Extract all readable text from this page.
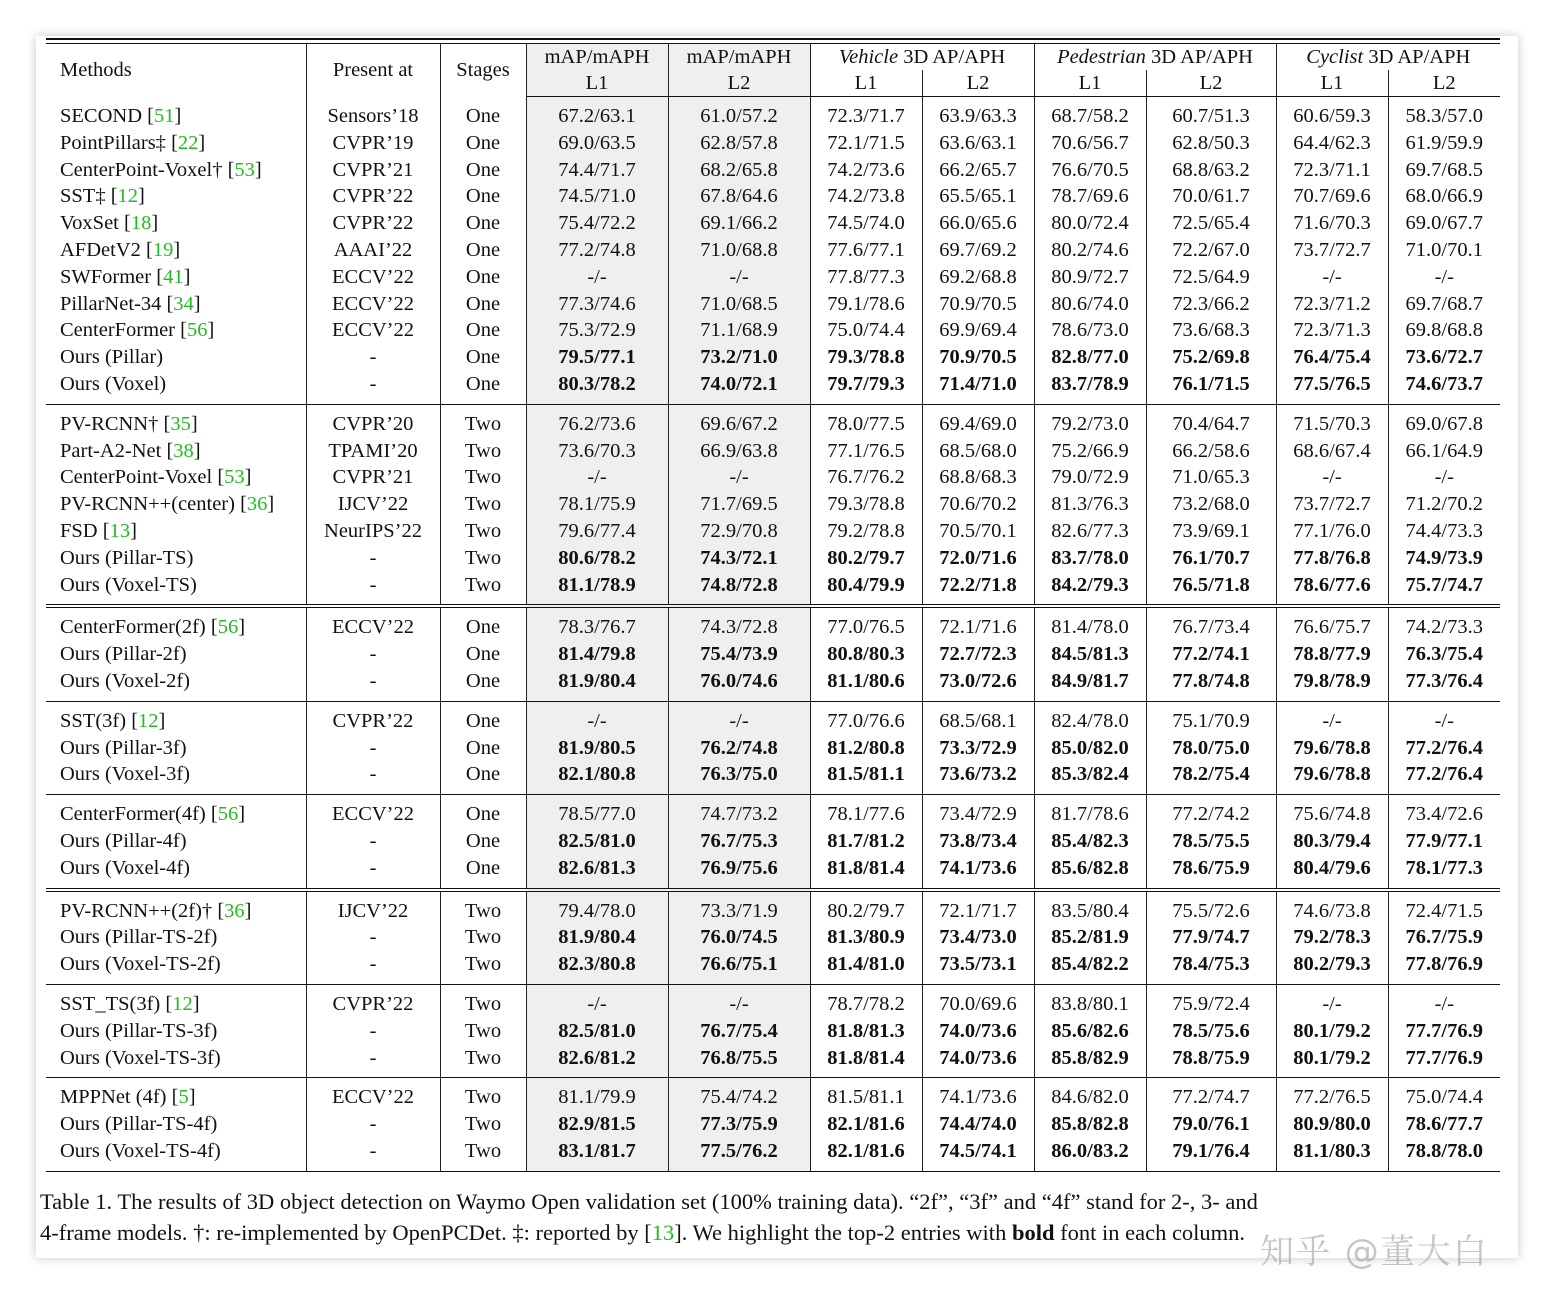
Methods	Present at	Stages	mAP/mAPH	mAP/mAPH	Vehicle 3D AP/APH		Pedestrian 3D AP/APH		Cyclist 3D AP/APH	
			L1	L2	L1	L2	L1	L2	L1	L2
SECOND [51]	Sensors’18	One	67.2/63.1	61.0/57.2	72.3/71.7	63.9/63.3	68.7/58.2	60.7/51.3	60.6/59.3	58.3/57.0
PointPillars‡ [22]	CVPR’19	One	69.0/63.5	62.8/57.8	72.1/71.5	63.6/63.1	70.6/56.7	62.8/50.3	64.4/62.3	61.9/59.9
CenterPoint-Voxel† [53]	CVPR’21	One	74.4/71.7	68.2/65.8	74.2/73.6	66.2/65.7	76.6/70.5	68.8/63.2	72.3/71.1	69.7/68.5
SST‡ [12]	CVPR’22	One	74.5/71.0	67.8/64.6	74.2/73.8	65.5/65.1	78.7/69.6	70.0/61.7	70.7/69.6	68.0/66.9
VoxSet [18]	CVPR’22	One	75.4/72.2	69.1/66.2	74.5/74.0	66.0/65.6	80.0/72.4	72.5/65.4	71.6/70.3	69.0/67.7
AFDetV2 [19]	AAAI’22	One	77.2/74.8	71.0/68.8	77.6/77.1	69.7/69.2	80.2/74.6	72.2/67.0	73.7/72.7	71.0/70.1
SWFormer [41]	ECCV’22	One	-/-	-/-	77.8/77.3	69.2/68.8	80.9/72.7	72.5/64.9	-/-	-/-
PillarNet-34 [34]	ECCV’22	One	77.3/74.6	71.0/68.5	79.1/78.6	70.9/70.5	80.6/74.0	72.3/66.2	72.3/71.2	69.7/68.7
CenterFormer [56]	ECCV’22	One	75.3/72.9	71.1/68.9	75.0/74.4	69.9/69.4	78.6/73.0	73.6/68.3	72.3/71.3	69.8/68.8
Ours (Pillar)	-	One	79.5/77.1	73.2/71.0	79.3/78.8	70.9/70.5	82.8/77.0	75.2/69.8	76.4/75.4	73.6/72.7
Ours (Voxel)	-	One	80.3/78.2	74.0/72.1	79.7/79.3	71.4/71.0	83.7/78.9	76.1/71.5	77.5/76.5	74.6/73.7
PV-RCNN† [35]	CVPR’20	Two	76.2/73.6	69.6/67.2	78.0/77.5	69.4/69.0	79.2/73.0	70.4/64.7	71.5/70.3	69.0/67.8
Part-A2-Net [38]	TPAMI’20	Two	73.6/70.3	66.9/63.8	77.1/76.5	68.5/68.0	75.2/66.9	66.2/58.6	68.6/67.4	66.1/64.9
CenterPoint-Voxel [53]	CVPR’21	Two	-/-	-/-	76.7/76.2	68.8/68.3	79.0/72.9	71.0/65.3	-/-	-/-
PV-RCNN++(center) [36]	IJCV’22	Two	78.1/75.9	71.7/69.5	79.3/78.8	70.6/70.2	81.3/76.3	73.2/68.0	73.7/72.7	71.2/70.2
FSD [13]	NeurIPS’22	Two	79.6/77.4	72.9/70.8	79.2/78.8	70.5/70.1	82.6/77.3	73.9/69.1	77.1/76.0	74.4/73.3
Ours (Pillar-TS)	-	Two	80.6/78.2	74.3/72.1	80.2/79.7	72.0/71.6	83.7/78.0	76.1/70.7	77.8/76.8	74.9/73.9
Ours (Voxel-TS)	-	Two	81.1/78.9	74.8/72.8	80.4/79.9	72.2/71.8	84.2/79.3	76.5/71.8	78.6/77.6	75.7/74.7
CenterFormer(2f) [56]	ECCV’22	One	78.3/76.7	74.3/72.8	77.0/76.5	72.1/71.6	81.4/78.0	76.7/73.4	76.6/75.7	74.2/73.3
Ours (Pillar-2f)	-	One	81.4/79.8	75.4/73.9	80.8/80.3	72.7/72.3	84.5/81.3	77.2/74.1	78.8/77.9	76.3/75.4
Ours (Voxel-2f)	-	One	81.9/80.4	76.0/74.6	81.1/80.6	73.0/72.6	84.9/81.7	77.8/74.8	79.8/78.9	77.3/76.4
SST(3f) [12]	CVPR’22	One	-/-	-/-	77.0/76.6	68.5/68.1	82.4/78.0	75.1/70.9	-/-	-/-
Ours (Pillar-3f)	-	One	81.9/80.5	76.2/74.8	81.2/80.8	73.3/72.9	85.0/82.0	78.0/75.0	79.6/78.8	77.2/76.4
Ours (Voxel-3f)	-	One	82.1/80.8	76.3/75.0	81.5/81.1	73.6/73.2	85.3/82.4	78.2/75.4	79.6/78.8	77.2/76.4
CenterFormer(4f) [56]	ECCV’22	One	78.5/77.0	74.7/73.2	78.1/77.6	73.4/72.9	81.7/78.6	77.2/74.2	75.6/74.8	73.4/72.6
Ours (Pillar-4f)	-	One	82.5/81.0	76.7/75.3	81.7/81.2	73.8/73.4	85.4/82.3	78.5/75.5	80.3/79.4	77.9/77.1
Ours (Voxel-4f)	-	One	82.6/81.3	76.9/75.6	81.8/81.4	74.1/73.6	85.6/82.8	78.6/75.9	80.4/79.6	78.1/77.3
PV-RCNN++(2f)† [36]	IJCV’22	Two	79.4/78.0	73.3/71.9	80.2/79.7	72.1/71.7	83.5/80.4	75.5/72.6	74.6/73.8	72.4/71.5
Ours (Pillar-TS-2f)	-	Two	81.9/80.4	76.0/74.5	81.3/80.9	73.4/73.0	85.2/81.9	77.9/74.7	79.2/78.3	76.7/75.9
Ours (Voxel-TS-2f)	-	Two	82.3/80.8	76.6/75.1	81.4/81.0	73.5/73.1	85.4/82.2	78.4/75.3	80.2/79.3	77.8/76.9
SST_TS(3f) [12]	CVPR’22	Two	-/-	-/-	78.7/78.2	70.0/69.6	83.8/80.1	75.9/72.4	-/-	-/-
Ours (Pillar-TS-3f)	-	Two	82.5/81.0	76.7/75.4	81.8/81.3	74.0/73.6	85.6/82.6	78.5/75.6	80.1/79.2	77.7/76.9
Ours (Voxel-TS-3f)	-	Two	82.6/81.2	76.8/75.5	81.8/81.4	74.0/73.6	85.8/82.9	78.8/75.9	80.1/79.2	77.7/76.9
MPPNet (4f) [5]	ECCV’22	Two	81.1/79.9	75.4/74.2	81.5/81.1	74.1/73.6	84.6/82.0	77.2/74.7	77.2/76.5	75.0/74.4
Ours (Pillar-TS-4f)	-	Two	82.9/81.5	77.3/75.9	82.1/81.6	74.4/74.0	85.8/82.8	79.0/76.1	80.9/80.0	78.6/77.7
Ours (Voxel-TS-4f)	-	Two	83.1/81.7	77.5/76.2	82.1/81.6	74.5/74.1	86.0/83.2	79.1/76.4	81.1/80.3	78.8/78.0
Table 1. The results of 3D object detection on Waymo Open validation set (100% training data). “2f”, “3f” and “4f” stand for 2-, 3- and
4-frame models. †: re-implemented by OpenPCDet. ‡: reported by [13]. We highlight the top-2 entries with bold font in each column. 知乎 @董大白
